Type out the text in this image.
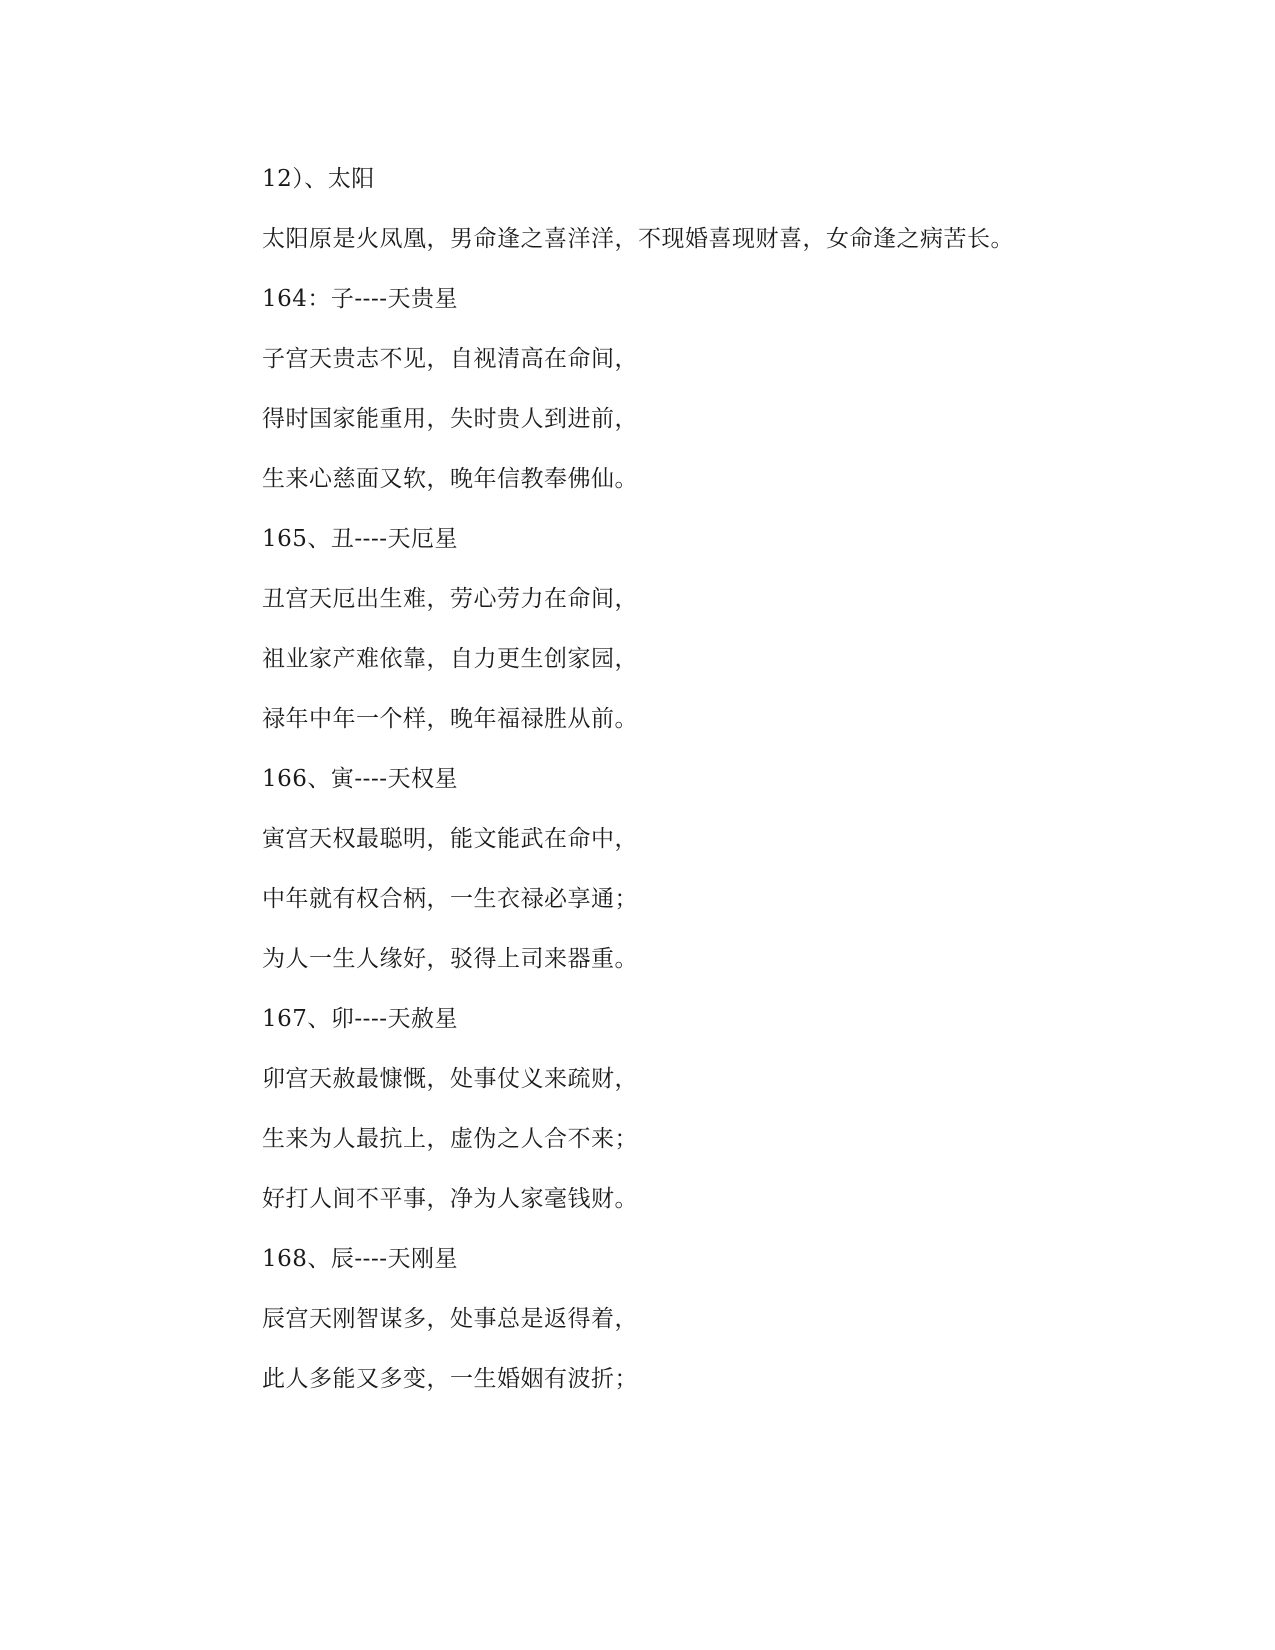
12）、太阳
太阳原是火凤凰，男命逢之喜洋洋，不现婚喜现财喜，女命逢之病苦长。
164：子----天贵星
子宫天贵志不见，自视清高在命间，
得时国家能重用，失时贵人到进前，
生来心慈面又软，晚年信教奉佛仙。
165、丑----天厄星
丑宫天厄出生难，劳心劳力在命间，
祖业家产难依靠，自力更生创家园，
禄年中年一个样，晚年福禄胜从前。
166、寅----天权星
寅宫天权最聪明，能文能武在命中，
中年就有权合柄，一生衣禄必享通；
为人一生人缘好，驳得上司来器重。
167、卯----天赦星
卯宫天赦最慷慨，处事仗义来疏财，
生来为人最抗上，虚伪之人合不来；
好打人间不平事，净为人家毫钱财。
168、辰----天刚星
辰宫天刚智谋多，处事总是返得着，
此人多能又多变，一生婚姻有波折；
